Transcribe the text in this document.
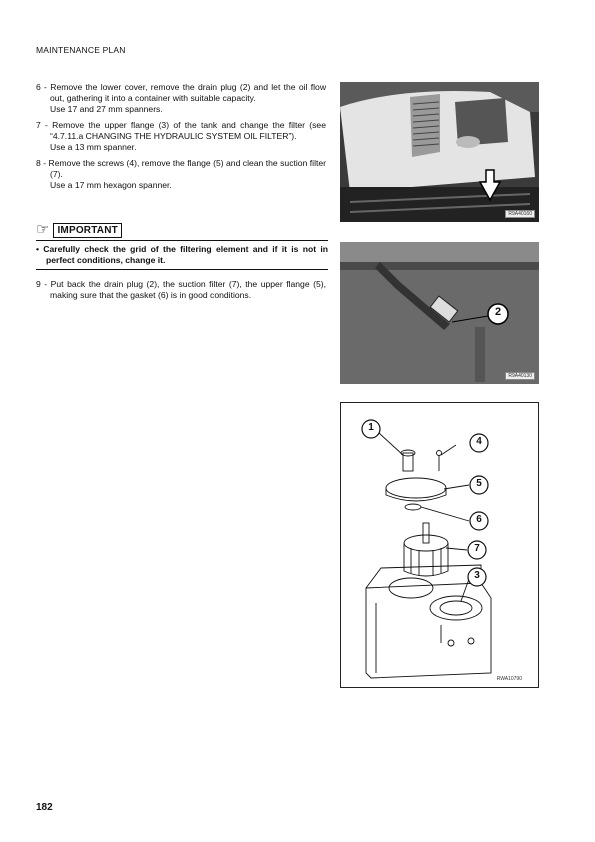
MAINTENANCE PLAN

6 - Remove the lower cover, remove the drain plug (2) and let the oil flow out, gathering it into a container with suitable capacity.
Use 17 and 27 mm spanners.

7 - Remove the upper flange (3) of the tank and change the filter (see “4.7.11.a CHANGING THE HYDRAULIC SYSTEM OIL FILTER”).
Use a 13 mm spanner.

8 - Remove the screws (4), remove the flange (5) and clean the suction filter (7).
Use a 17 mm hexagon spanner.

☞ IMPORTANT
• Carefully check the grid of the filtering element and if it is not in perfect conditions, change it.

9 - Put back the drain plug (2), the suction filter (7), the upper flange (5), making sure that the gasket (6) is in good conditions.

R9A40160
2
R9A40130
1
4
5
6
7
3
RWA10790
182
